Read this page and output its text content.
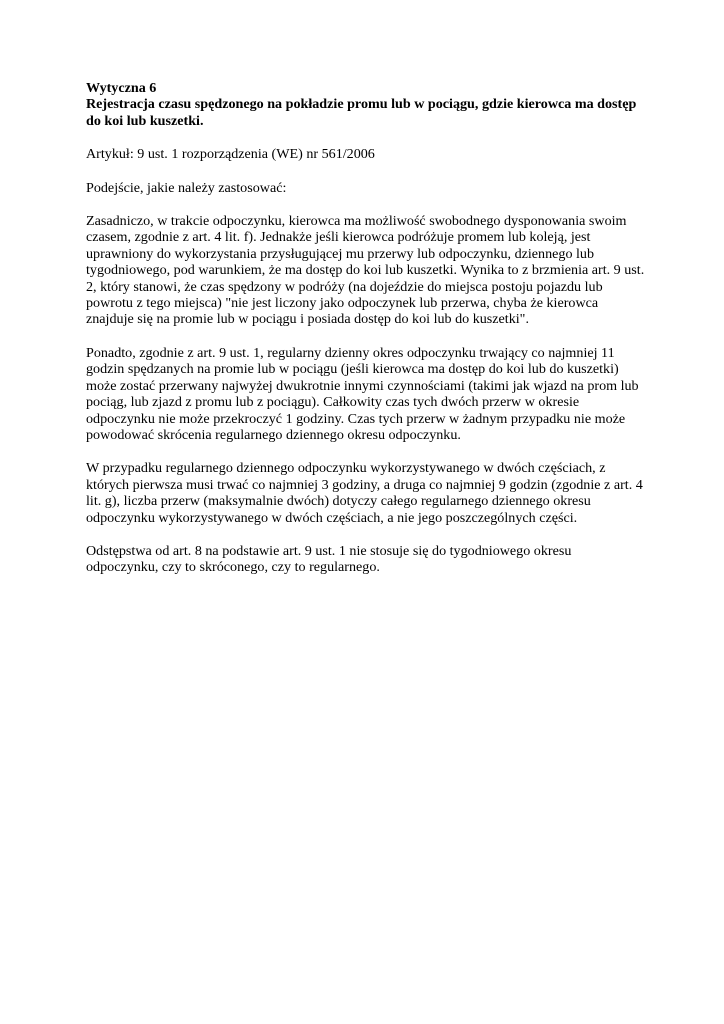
Wytyczna 6

Rejestracja czasu spędzonego na pokładzie promu lub w pociągu, gdzie kierowca ma dostęp do koi lub kuszetki.

Artykuł: 9 ust. 1 rozporządzenia (WE) nr 561/2006

Podejście, jakie należy zastosować:

Zasadniczo, w trakcie odpoczynku, kierowca ma możliwość swobodnego dysponowania swoim czasem, zgodnie z art. 4 lit. f). Jednakże jeśli kierowca podróżuje promem lub koleją, jest uprawniony do wykorzystania przysługującej mu przerwy lub odpoczynku, dziennego lub tygodniowego, pod warunkiem, że ma dostęp do koi lub kuszetki. Wynika to z brzmienia art. 9 ust. 2, który stanowi, że czas spędzony w podróży (na dojeździe do miejsca postoju pojazdu lub powrotu z tego miejsca) "nie jest liczony jako odpoczynek lub przerwa, chyba że kierowca znajduje się na promie lub w pociągu i posiada dostęp do koi lub do kuszetki".

Ponadto, zgodnie z art. 9 ust. 1, regularny dzienny okres odpoczynku trwający co najmniej 11 godzin spędzanych na promie lub w pociągu (jeśli kierowca ma dostęp do koi lub do kuszetki) może zostać przerwany najwyżej dwukrotnie innymi czynnościami (takimi jak wjazd na prom lub pociąg, lub zjazd z promu lub z pociągu). Całkowity czas tych dwóch przerw w okresie odpoczynku nie może przekroczyć 1 godziny. Czas tych przerw w żadnym przypadku nie może powodować skrócenia regularnego dziennego okresu odpoczynku.

W przypadku regularnego dziennego odpoczynku wykorzystywanego w dwóch częściach, z których pierwsza musi trwać co najmniej 3 godziny, a druga co najmniej 9 godzin (zgodnie z art. 4 lit. g), liczba przerw (maksymalnie dwóch) dotyczy całego regularnego dziennego okresu odpoczynku wykorzystywanego w dwóch częściach, a nie jego poszczególnych części.

Odstępstwa od art. 8 na podstawie art. 9 ust. 1 nie stosuje się do tygodniowego okresu odpoczynku, czy to skróconego, czy to regularnego.
